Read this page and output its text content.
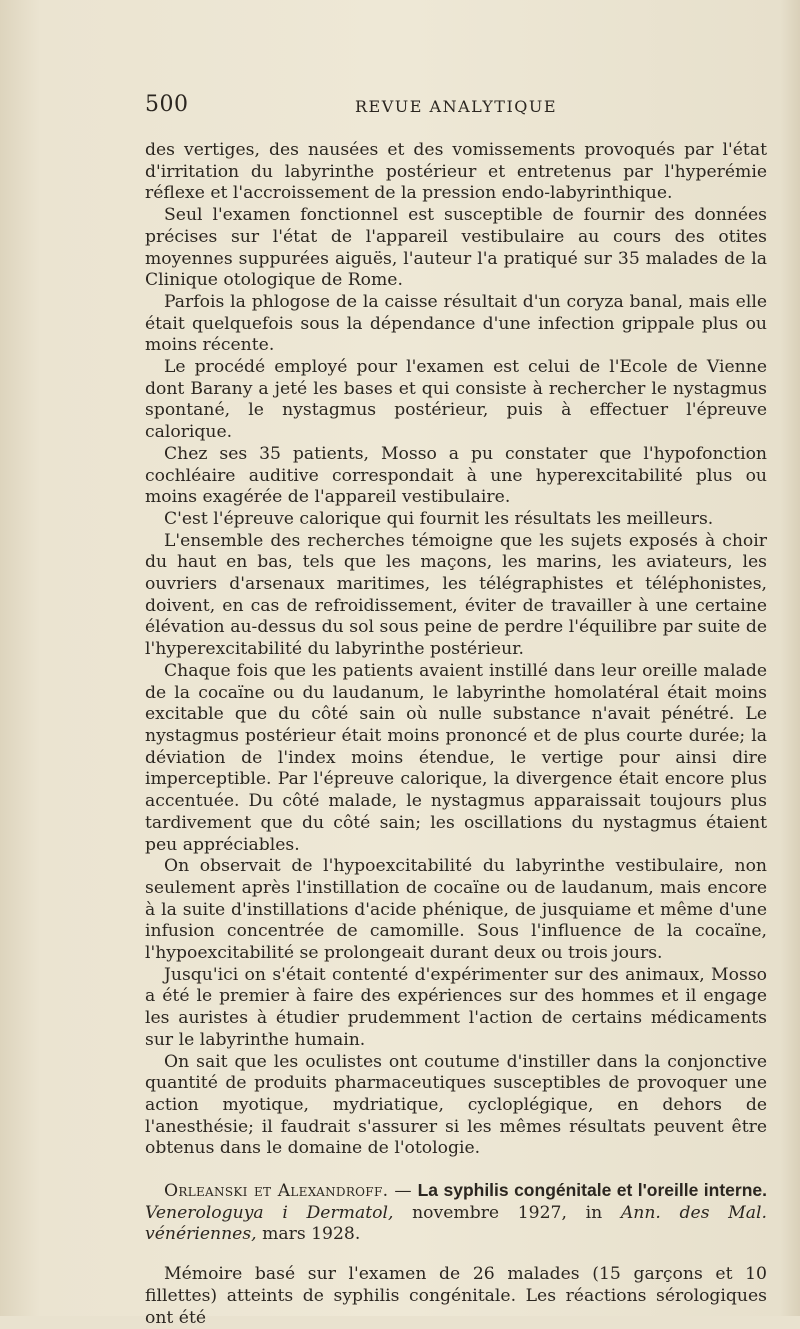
500	REVUE ANALYTIQUE

des vertiges, des nausées et des vomissements provoqués par l'état d'irritation du labyrinthe postérieur et entretenus par l'hyperémie réflexe et l'accroissement de la pression endo-labyrinthique.

Seul l'examen fonctionnel est susceptible de fournir des données précises sur l'état de l'appareil vestibulaire au cours des otites moyennes suppurées aiguës, l'auteur l'a pratiqué sur 35 malades de la Clinique otologique de Rome.

Parfois la phlogose de la caisse résultait d'un coryza banal, mais elle était quelquefois sous la dépendance d'une infection grippale plus ou moins récente.

Le procédé employé pour l'examen est celui de l'Ecole de Vienne dont Barany a jeté les bases et qui consiste à rechercher le nystagmus spontané, le nystagmus postérieur, puis à effectuer l'épreuve calorique.

Chez ses 35 patients, Mosso a pu constater que l'hypofonction cochléaire auditive correspondait à une hyperexcitabilité plus ou moins exagérée de l'appareil vestibulaire.

C'est l'épreuve calorique qui fournit les résultats les meilleurs.

L'ensemble des recherches témoigne que les sujets exposés à choir du haut en bas, tels que les maçons, les marins, les aviateurs, les ouvriers d'arsenaux maritimes, les télégraphistes et téléphonistes, doivent, en cas de refroidissement, éviter de travailler à une certaine élévation au-dessus du sol sous peine de perdre l'équilibre par suite de l'hyperexcitabilité du labyrinthe postérieur.

Chaque fois que les patients avaient instillé dans leur oreille malade de la cocaïne ou du laudanum, le labyrinthe homolatéral était moins excitable que du côté sain où nulle substance n'avait pénétré. Le nystagmus postérieur était moins prononcé et de plus courte durée; la déviation de l'index moins étendue, le vertige pour ainsi dire imperceptible. Par l'épreuve calorique, la divergence était encore plus accentuée. Du côté malade, le nystagmus apparaissait toujours plus tardivement que du côté sain; les oscillations du nystagmus étaient peu appréciables.

On observait de l'hypoexcitabilité du labyrinthe vestibulaire, non seulement après l'instillation de cocaïne ou de laudanum, mais encore à la suite d'instillations d'acide phénique, de jusquiame et même d'une infusion concentrée de camomille. Sous l'influence de la cocaïne, l'hypoexcitabilité se prolongeait durant deux ou trois jours.

Jusqu'ici on s'était contenté d'expérimenter sur des animaux, Mosso a été le premier à faire des expériences sur des hommes et il engage les auristes à étudier prudemment l'action de certains médicaments sur le labyrinthe humain.

On sait que les oculistes ont coutume d'instiller dans la conjonctive quantité de produits pharmaceutiques susceptibles de provoquer une action myotique, mydriatique, cycloplégique, en dehors de l'anesthésie; il faudrait s'assurer si les mêmes résultats peuvent être obtenus dans le domaine de l'otologie.

Orleanski et Alexandroff. — La syphilis congénitale et l'oreille interne. Venerologuya i Dermatol, novembre 1927, in Ann. des Mal. vénériennes, mars 1928.

Mémoire basé sur l'examen de 26 malades (15 garçons et 10 fillettes) atteints de syphilis congénitale. Les réactions sérologiques ont été
